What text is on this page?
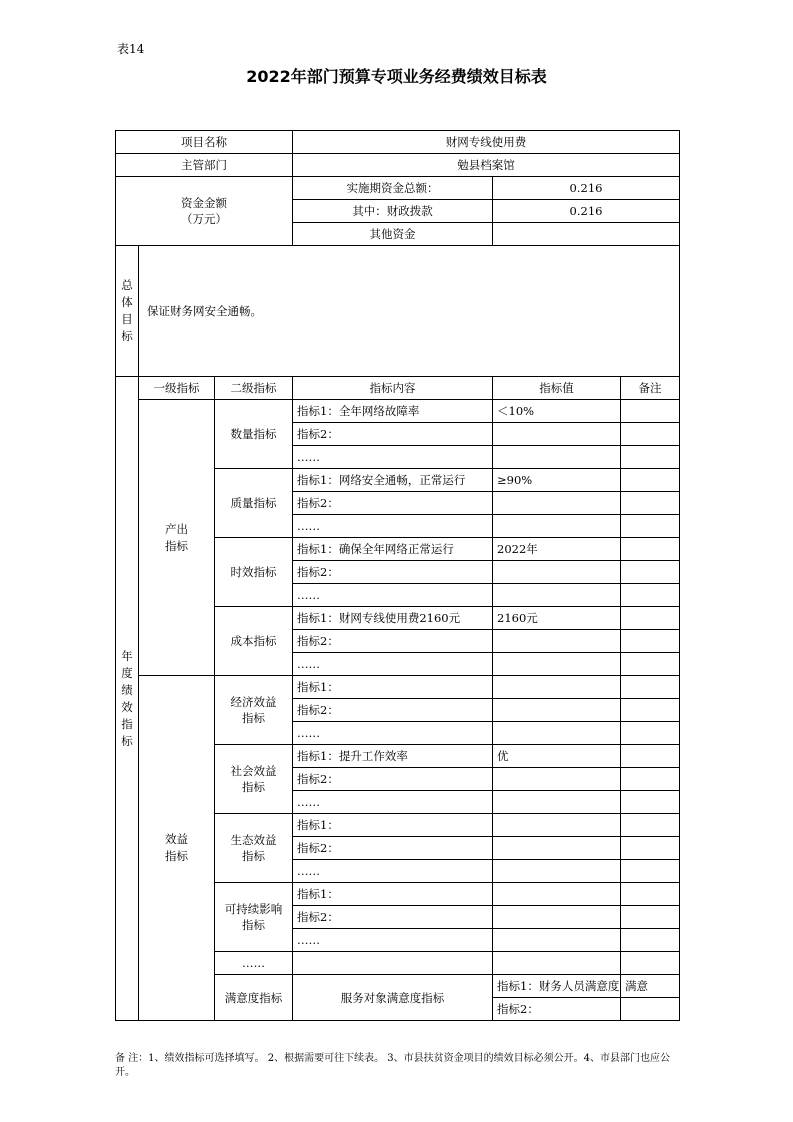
表14
2022年部门预算专项业务经费绩效目标表
项目名称			财网专线使用费			
主管部门			勉县档案馆			
资金金额
（万元）			实施期资金总额：	0.216		
			其中：财政拨款	0.216		
			其他资金			
总体目标	保证财务网安全通畅。					
年度绩效指标	一级指标	二级指标	指标内容	指标值	备注	
	产出指标	数量指标	指标1：全年网络故障率	＜10%		
			指标2：			
			……			
		质量指标	指标1：网络安全通畅，正常运行	≥90%		
			指标2：			
			……			
		时效指标	指标1：确保全年网络正常运行	2022年		
			指标2：			
			……			
		成本指标	指标1：财网专线使用费2160元	2160元		
			指标2：			
			……			
	效益指标	经济效益指标	指标1：			
			指标2：			
			……			
		社会效益指标	指标1：提升工作效率	优		
			指标2：			
			……			
		生态效益指标	指标1：			
			指标2：			
			……			
		可持续影响指标	指标1：			
			指标2：			
			……			
		……				
		满意度指标	服务对象满意度指标	指标1：财务人员满意度	满意	
				指标2：		
备 注：1、绩效指标可选择填写。 2、根据需要可往下续表。 3、市县扶贫资金项目的绩效目标必须公开。4、市县部门也应公开。
